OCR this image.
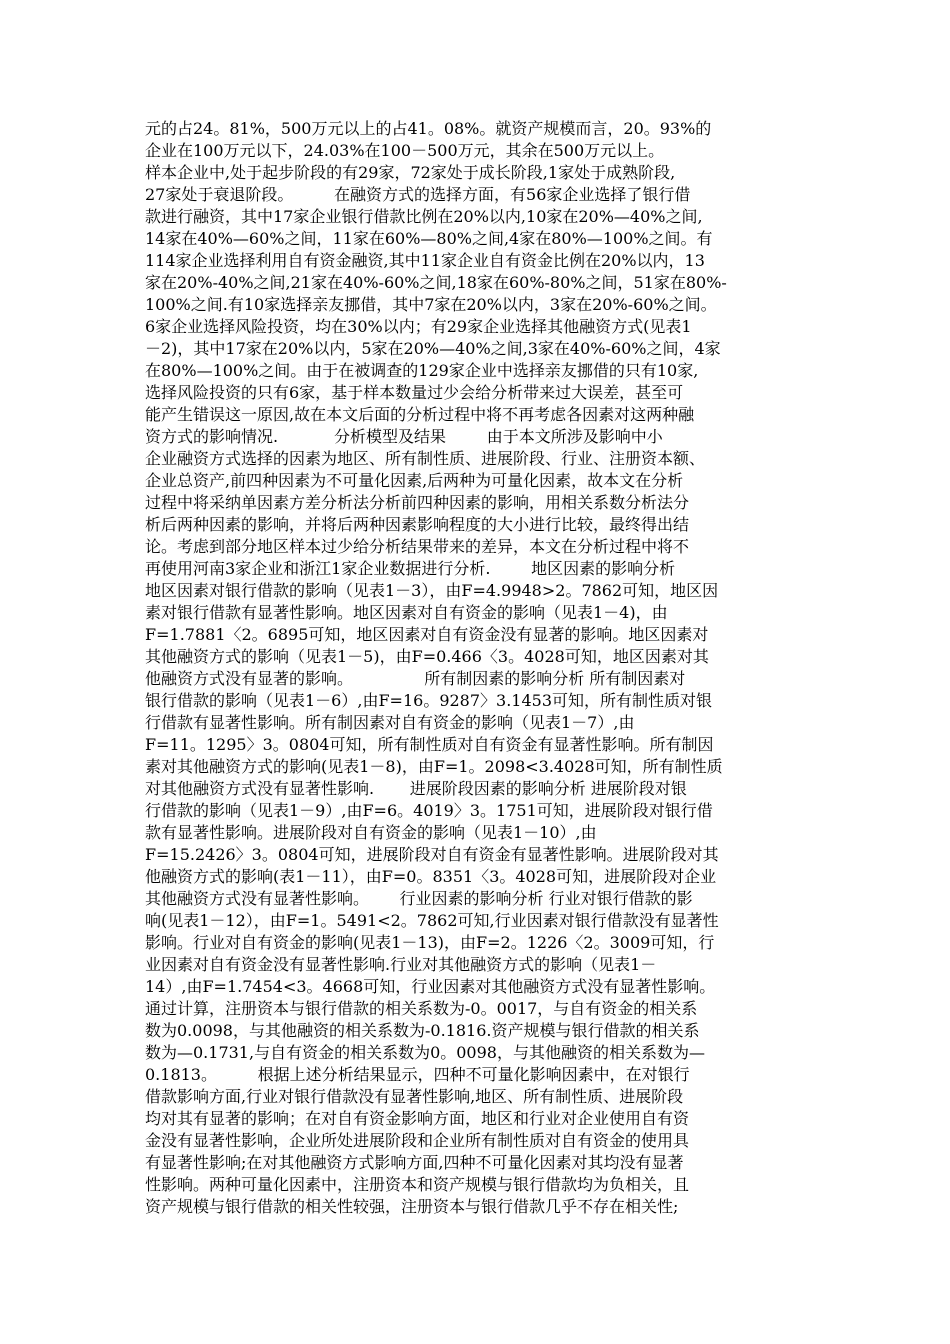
元的占24。81%，500万元以上的占41。08%。就资产规模而言，20。93%的
企业在100万元以下，24.03%在100－500万元，其余在500万元以上。
样本企业中,处于起步阶段的有29家，72家处于成长阶段,1家处于成熟阶段,
27家处于衰退阶段。        在融资方式的选择方面，有56家企业选择了银行借
款进行融资，其中17家企业银行借款比例在20%以内,10家在20%—40%之间,
14家在40%—60%之间，11家在60%—80%之间,4家在80%—100%之间。有
114家企业选择利用自有资金融资,其中11家企业自有资金比例在20%以内，13
家在20%-40%之间,21家在40%-60%之间,18家在60%-80%之间，51家在80%-
100%之间.有10家选择亲友挪借，其中7家在20%以内，3家在20%-60%之间。
6家企业选择风险投资，均在30%以内；有29家企业选择其他融资方式(见表1
－2)，其中17家在20%以内，5家在20%—40%之间,3家在40%-60%之间，4家
在80%—100%之间。由于在被调查的129家企业中选择亲友挪借的只有10家,
选择风险投资的只有6家，基于样本数量过少会给分析带来过大误差，甚至可
能产生错误这一原因,故在本文后面的分析过程中将不再考虑各因素对这两种融
资方式的影响情况.           分析模型及结果        由于本文所涉及影响中小
企业融资方式选择的因素为地区、所有制性质、进展阶段、行业、注册资本额、
企业总资产,前四种因素为不可量化因素,后两种为可量化因素，故本文在分析
过程中将采纳单因素方差分析法分析前四种因素的影响，用相关系数分析法分
析后两种因素的影响，并将后两种因素影响程度的大小进行比较，最终得出结
论。考虑到部分地区样本过少给分析结果带来的差异，本文在分析过程中将不
再使用河南3家企业和浙江1家企业数据进行分析.        地区因素的影响分析
地区因素对银行借款的影响（见表1－3），由F=4.9948>2。7862可知，地区因
素对银行借款有显著性影响。地区因素对自有资金的影响（见表1－4)，由
F=1.7881〈2。6895可知，地区因素对自有资金没有显著的影响。地区因素对
其他融资方式的影响（见表1－5)，由F=0.466〈3。4028可知，地区因素对其
他融资方式没有显著的影响。              所有制因素的影响分析 所有制因素对
银行借款的影响（见表1－6）,由F=16。9287〉3.1453可知，所有制性质对银
行借款有显著性影响。所有制因素对自有资金的影响（见表1－7）,由
F=11。1295〉3。0804可知，所有制性质对自有资金有显著性影响。所有制因
素对其他融资方式的影响(见表1－8)，由F=1。2098<3.4028可知，所有制性质
对其他融资方式没有显著性影响.       进展阶段因素的影响分析 进展阶段对银
行借款的影响（见表1－9）,由F=6。4019〉3。1751可知，进展阶段对银行借
款有显著性影响。进展阶段对自有资金的影响（见表1－10）,由
F=15.2426〉3。0804可知，进展阶段对自有资金有显著性影响。进展阶段对其
他融资方式的影响(表1－11），由F=0。8351〈3。4028可知，进展阶段对企业
其他融资方式没有显著性影响。      行业因素的影响分析 行业对银行借款的影
响(见表1－12），由F=1。5491<2。7862可知,行业因素对银行借款没有显著性
影响。行业对自有资金的影响(见表1－13)，由F=2。1226〈2。3009可知，行
业因素对自有资金没有显著性影响.行业对其他融资方式的影响（见表1－
14）,由F=1.7454<3。4668可知，行业因素对其他融资方式没有显著性影响。
通过计算，注册资本与银行借款的相关系数为-0。0017，与自有资金的相关系
数为0.0098，与其他融资的相关系数为-0.1816.资产规模与银行借款的相关系
数为—0.1731,与自有资金的相关系数为0。0098，与其他融资的相关系数为—
0.1813。        根据上述分析结果显示，四种不可量化影响因素中，在对银行
借款影响方面,行业对银行借款没有显著性影响,地区、所有制性质、进展阶段
均对其有显著的影响；在对自有资金影响方面，地区和行业对企业使用自有资
金没有显著性影响，企业所处进展阶段和企业所有制性质对自有资金的使用具
有显著性影响;在对其他融资方式影响方面,四种不可量化因素对其均没有显著
性影响。两种可量化因素中，注册资本和资产规模与银行借款均为负相关，且
资产规模与银行借款的相关性较强，注册资本与银行借款几乎不存在相关性;
